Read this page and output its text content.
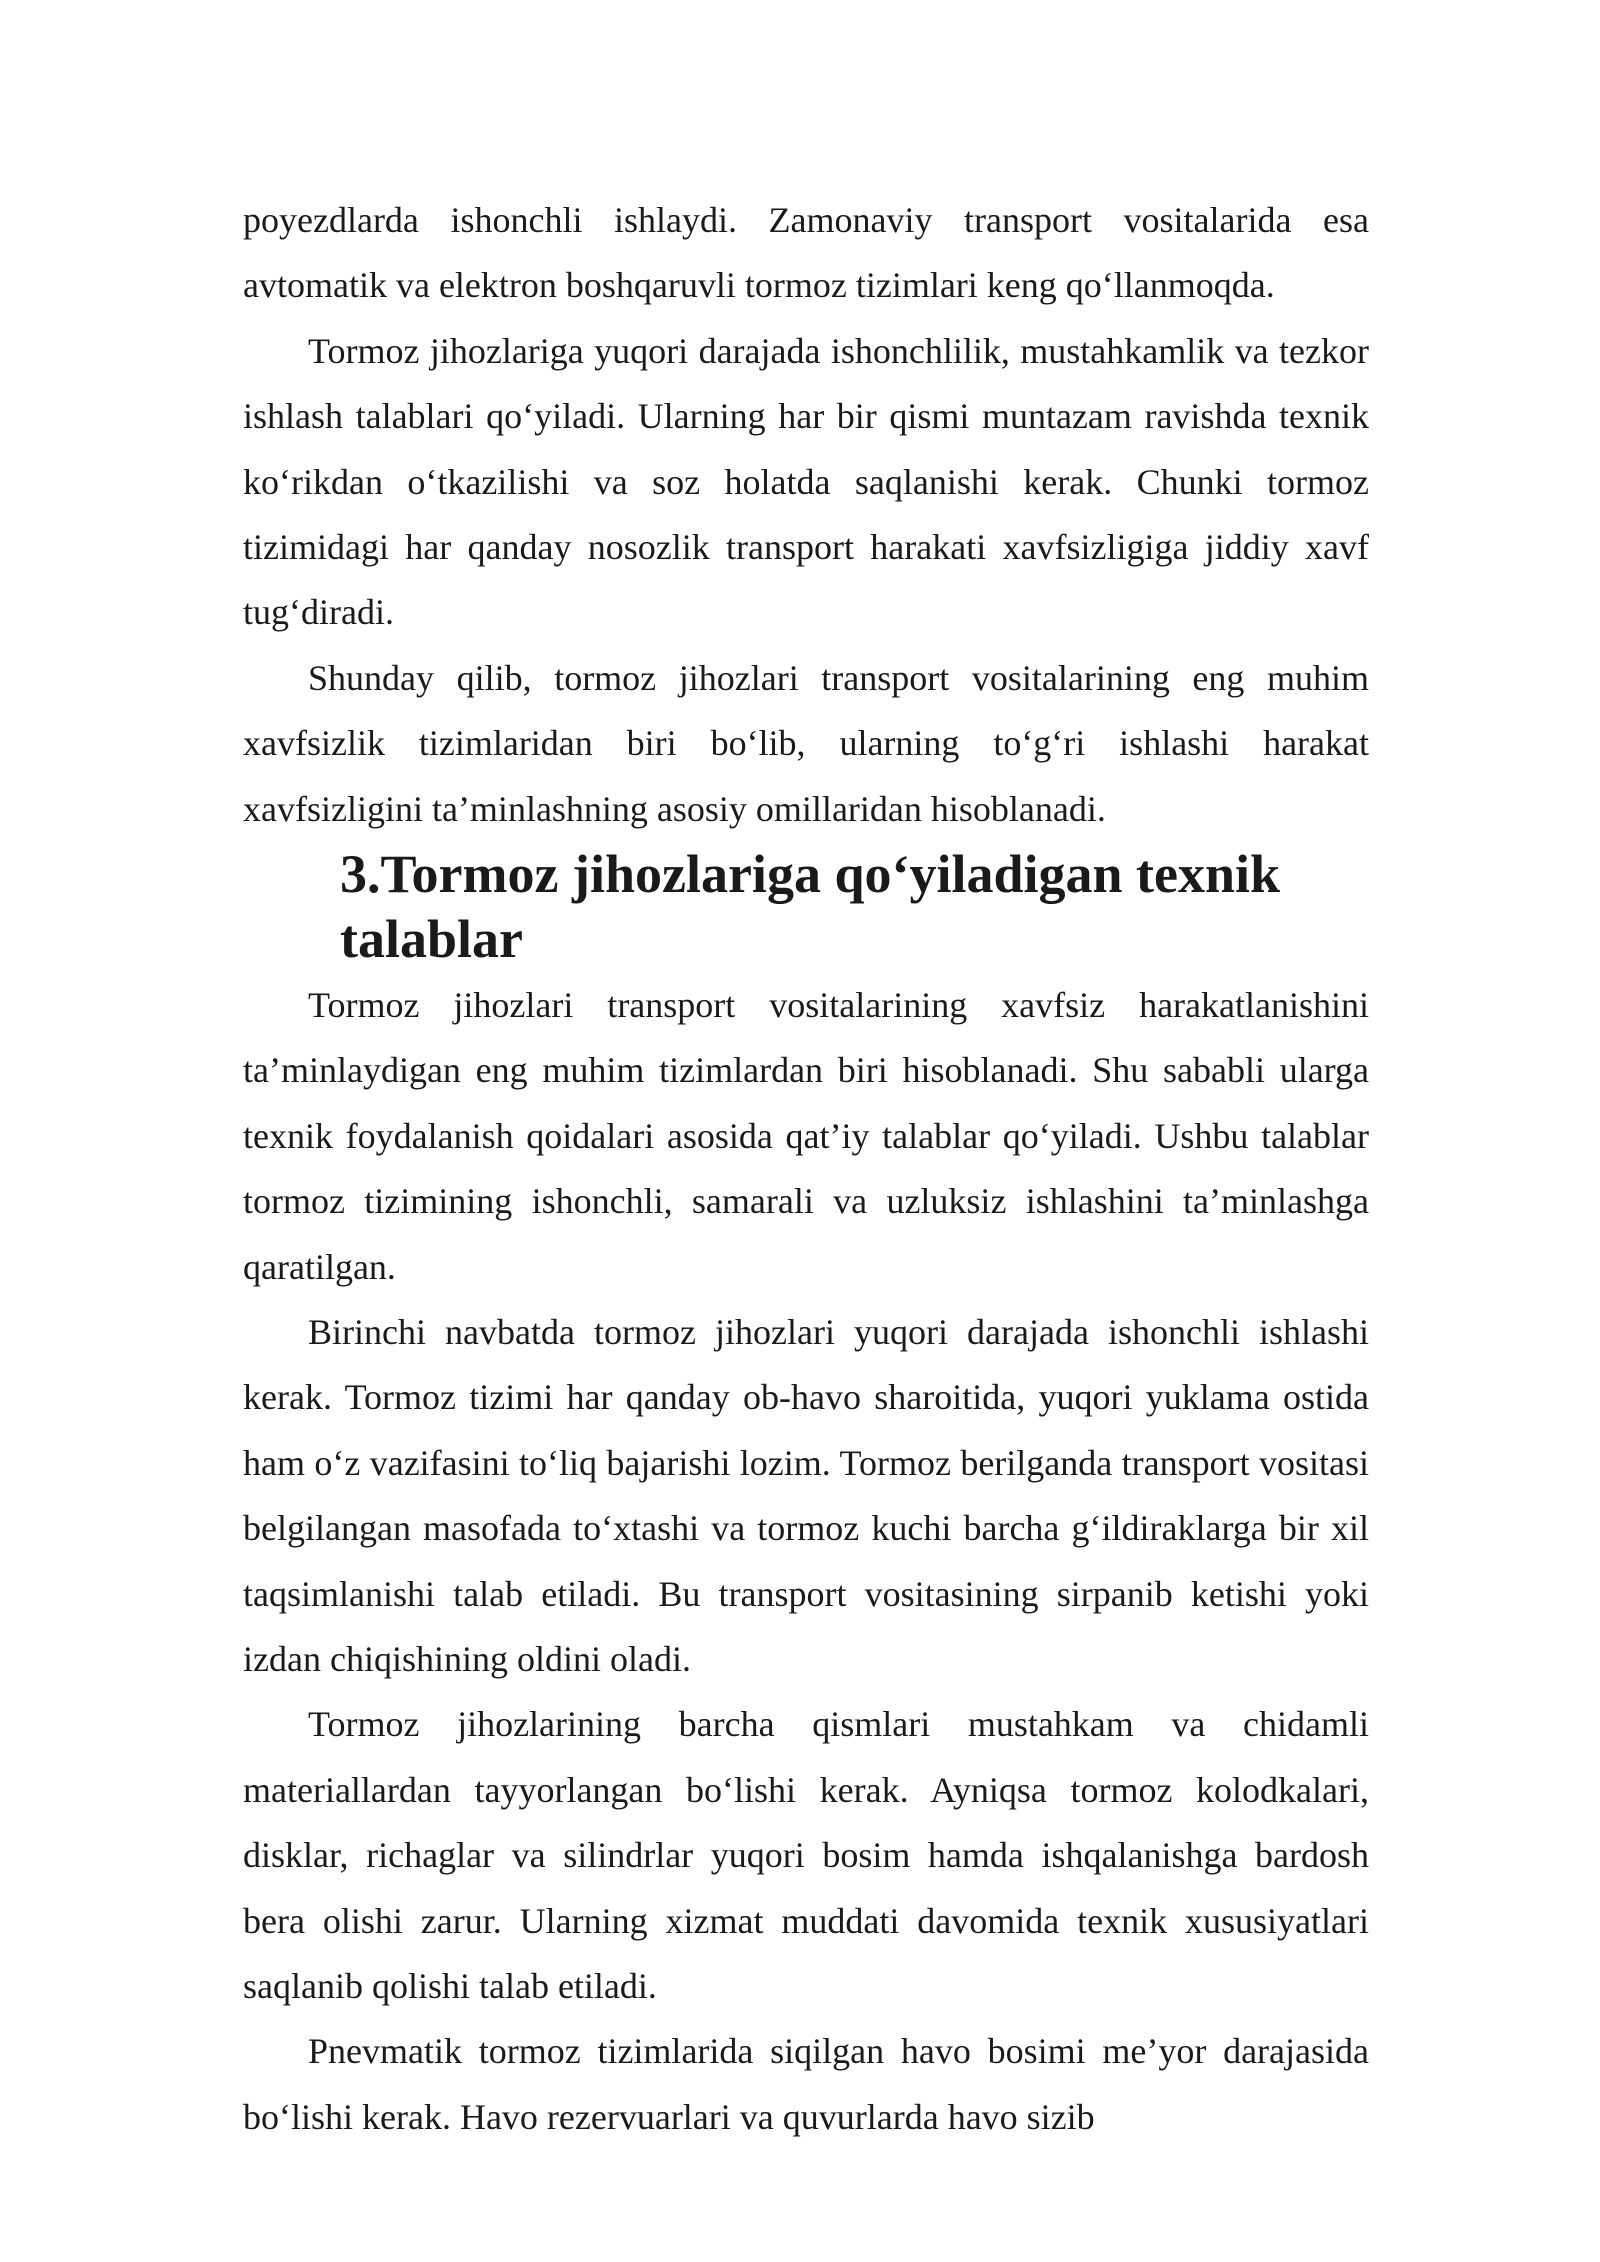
poyezdlarda ishonchli ishlaydi. Zamonaviy transport vositalarida esa avtomatik va elektron boshqaruvli tormoz tizimlari keng qo‘llanmoqda.

Tormoz jihozlariga yuqori darajada ishonchlilik, mustahkamlik va tezkor ishlash talablari qo‘yiladi. Ularning har bir qismi muntazam ravishda texnik ko‘rikdan o‘tkazilishi va soz holatda saqlanishi kerak. Chunki tormoz tizimidagi har qanday nosozlik transport harakati xavfsizligiga jiddiy xavf tug‘diradi.

Shunday qilib, tormoz jihozlari transport vositalarining eng muhim xavfsizlik tizimlaridan biri bo‘lib, ularning to‘g‘ri ishlashi harakat xavfsizligini ta’minlashning asosiy omillaridan hisoblanadi.

3.Tormoz jihozlariga qo‘yiladigan texnik talablar

Tormoz jihozlari transport vositalarining xavfsiz harakatlanishini ta’minlaydigan eng muhim tizimlardan biri hisoblanadi. Shu sababli ularga texnik foydalanish qoidalari asosida qat’iy talablar qo‘yiladi. Ushbu talablar tormoz tizimining ishonchli, samarali va uzluksiz ishlashini ta’minlashga qaratilgan.

Birinchi navbatda tormoz jihozlari yuqori darajada ishonchli ishlashi kerak. Tormoz tizimi har qanday ob-havo sharoitida, yuqori yuklama ostida ham o‘z vazifasini to‘liq bajarishi lozim. Tormoz berilganda transport vositasi belgilangan masofada to‘xtashi va tormoz kuchi barcha g‘ildiraklarga bir xil taqsimlanishi talab etiladi. Bu transport vositasining sirpanib ketishi yoki izdan chiqishining oldini oladi.

Tormoz jihozlarining barcha qismlari mustahkam va chidamli materiallardan tayyorlangan bo‘lishi kerak. Ayniqsa tormoz kolodkalari, disklar, richaglar va silindrlar yuqori bosim hamda ishqalanishga bardosh bera olishi zarur. Ularning xizmat muddati davomida texnik xususiyatlari saqlanib qolishi talab etiladi.

Pnevmatik tormoz tizimlarida siqilgan havo bosimi me’yor darajasida bo‘lishi kerak. Havo rezervuarlari va quvurlarda havo sizib
